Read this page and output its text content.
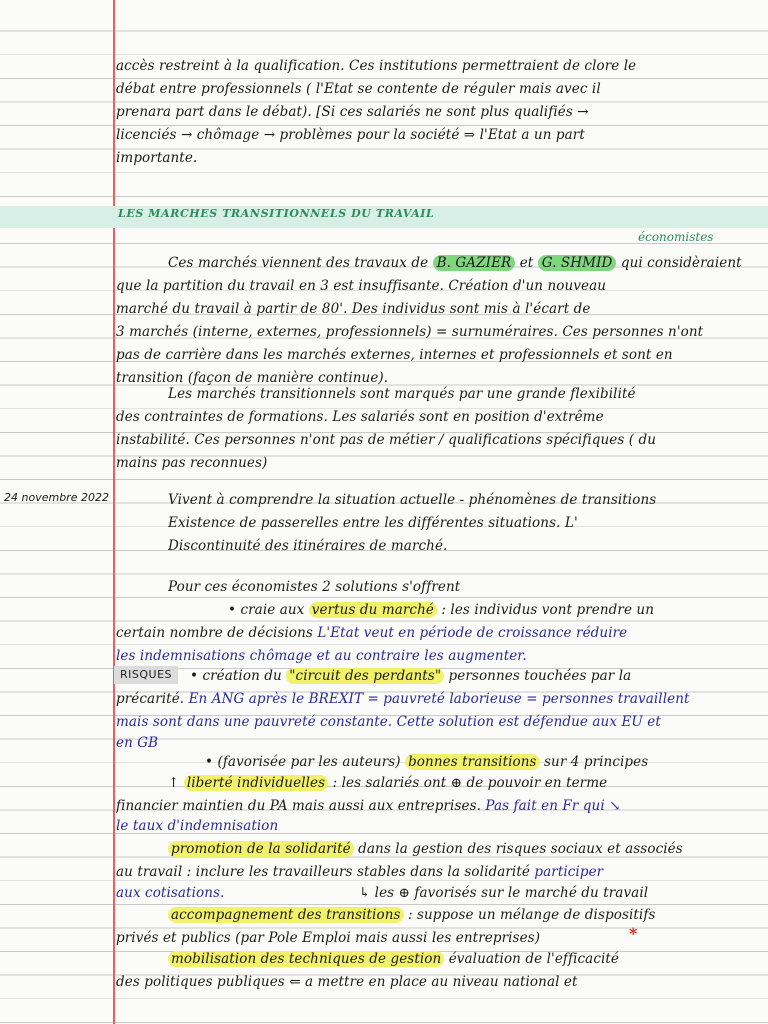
accès restreint à la qualification. Ces institutions permettraient de clore le
débat entre professionnels ( l'Etat se contente de réguler mais avec il
prenara part dans le débat). [Si ces salariés ne sont plus qualifiés →
licenciés → chômage → problèmes pour la société ⇒ l'Etat a un part
importante.
LES MARCHES TRANSITIONNELS DU TRAVAIL
économistes
Ces marchés viennent des travaux de B. GAZIER et G. SHMID qui considèraient
que la partition du travail en 3 est insuffisante. Création d'un nouveau
marché du travail à partir de 80'. Des individus sont mis à l'écart de
3 marchés (interne, externes, professionnels) = surnuméraires. Ces personnes n'ont
pas de carrière dans les marchés externes, internes et professionnels et sont en
transition (façon de manière continue).
Les marchés transitionnels sont marqués par une grande flexibilité
des contraintes de formations. Les salariés sont en position d'extrême
instabilité. Ces personnes n'ont pas de métier / qualifications spécifiques ( du
mains pas reconnues)
24 novembre 2022	Vivent à comprendre la situation actuelle - phénomènes de transitions
Existence de passerelles entre les différentes situations. L'
Discontinuité des itinéraires de marché.
Pour ces économistes 2 solutions s'offrent
• craie aux vertus du marché : les individus vont prendre un
certain nombre de décisions L'Etat veut en période de croissance réduire
les indemnisations chômage et au contraire les augmenter.
RISQUES	• création du "circuit des perdants" personnes touchées par la
précarité. En ANG après le BREXIT = pauvreté laborieuse = personnes travaillent
mais sont dans une pauvreté constante. Cette solution est défendue aux EU et
en GB
• (favorisée par les auteurs) bonnes transitions sur 4 principes
↑ liberté individuelles : les salariés ont ⊕ de pouvoir en terme
financier maintien du PA mais aussi aux entreprises. Pas fait en Fr qui ↘
le taux d'indemnisation
promotion de la solidarité dans la gestion des risques sociaux et associés
au travail : inclure les travailleurs stables dans la solidarité participer
aux cotisations.	↳ les ⊕ favorisés sur le marché du travail
accompagnement des transitions : suppose un mélange de dispositifs
privés et publics (par Pole Emploi mais aussi les entreprises)	*
mobilisation des techniques de gestion évaluation de l'efficacité
des politiques publiques ⇐ a mettre en place au niveau national et
